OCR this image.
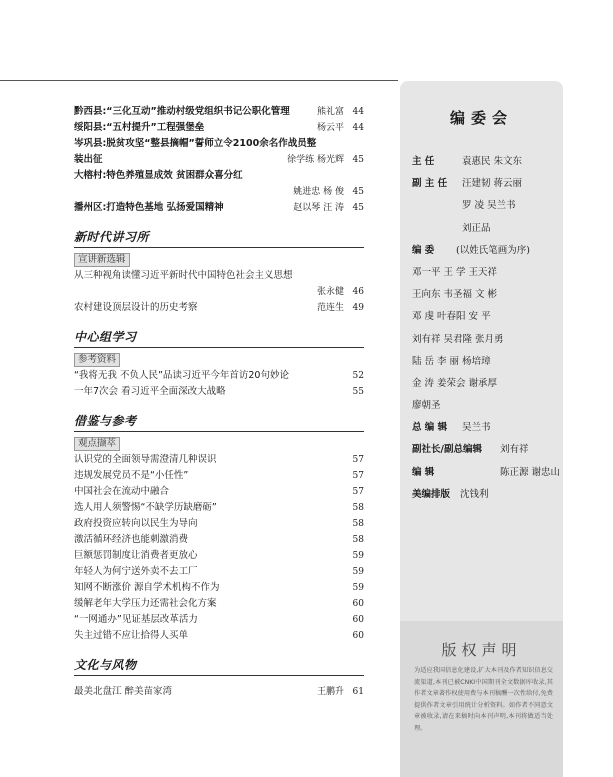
黔西县:“三化互动”推动村级党组织书记公职化管理	熊礼富 44
绥阳县:“五村提升”工程强堡垒	杨云平 44
岑巩县:脱贫攻坚“整县摘帽”誓师立令2100余名作战员整
装出征	徐学练 杨光辉 45
大榕村:特色养殖显成效 贫困群众喜分红
姚进忠 杨 俊 45
播州区:打造特色基地 弘扬爱国精神	赵以琴 汪 涛 45
新时代讲习所
宣讲新选辑
从三种视角读懂习近平新时代中国特色社会主义思想
张永健 46
农村建设顶层设计的历史考察	范连生 49
中心组学习
参考资料
“我将无我 不负人民”品读习近平今年首访20句妙论	52
一年7次会 看习近平全面深改大战略	55
借鉴与参考
观点撷萃
认识党的全面领导需澄清几种误识	57
违规发展党员不是“小任性”	57
中国社会在流动中融合	57
选人用人须警惕“不缺学历缺磨砺”	58
政府投资应转向以民生为导向	58
激活循环经济也能刺激消费	58
巨额惩罚制度让消费者更放心	59
年轻人为何宁送外卖不去工厂	59
知网不断涨价 源自学术机构不作为	59
缓解老年大学压力还需社会化方案	60
“一网通办”见证基层改革活力	60
失主过错不应让拾得人买单	60
文化与风物
最美北盘江 醉美苗家湾	王鹏升 61
编委会
主 任	袁惠民 朱文东
副 主 任 汪建韧 蒋云丽
罗 凌 吴兰书
刘正品
编 委 (以姓氏笔画为序)
邓一平 王 学 王天祥
王向东 韦圣福 文 彬
邓 虔 叶春阳 安 平
刘有祥 吴君隆 张月勇
陆 岳 李 丽 杨培璋
金 涛 姜荣会 谢承厚
廖朝圣
总 编 辑 吴兰书
副社长/副总编辑 刘有祥
编 辑	陈正源 谢忠山
美编排版 沈钱利
版权声明
为适应我国信息化建设,扩大本刊及作者知识信息交流渠道,本刊已被CNKI中国期刊全文数据库收录,其作者文章著作权使用费与本刊稿酬一次性给付,免费提供作者文章引用统计分析资料。如作者不同意文章被收录,请在来稿时向本刊声明,本刊将做适当处理。
